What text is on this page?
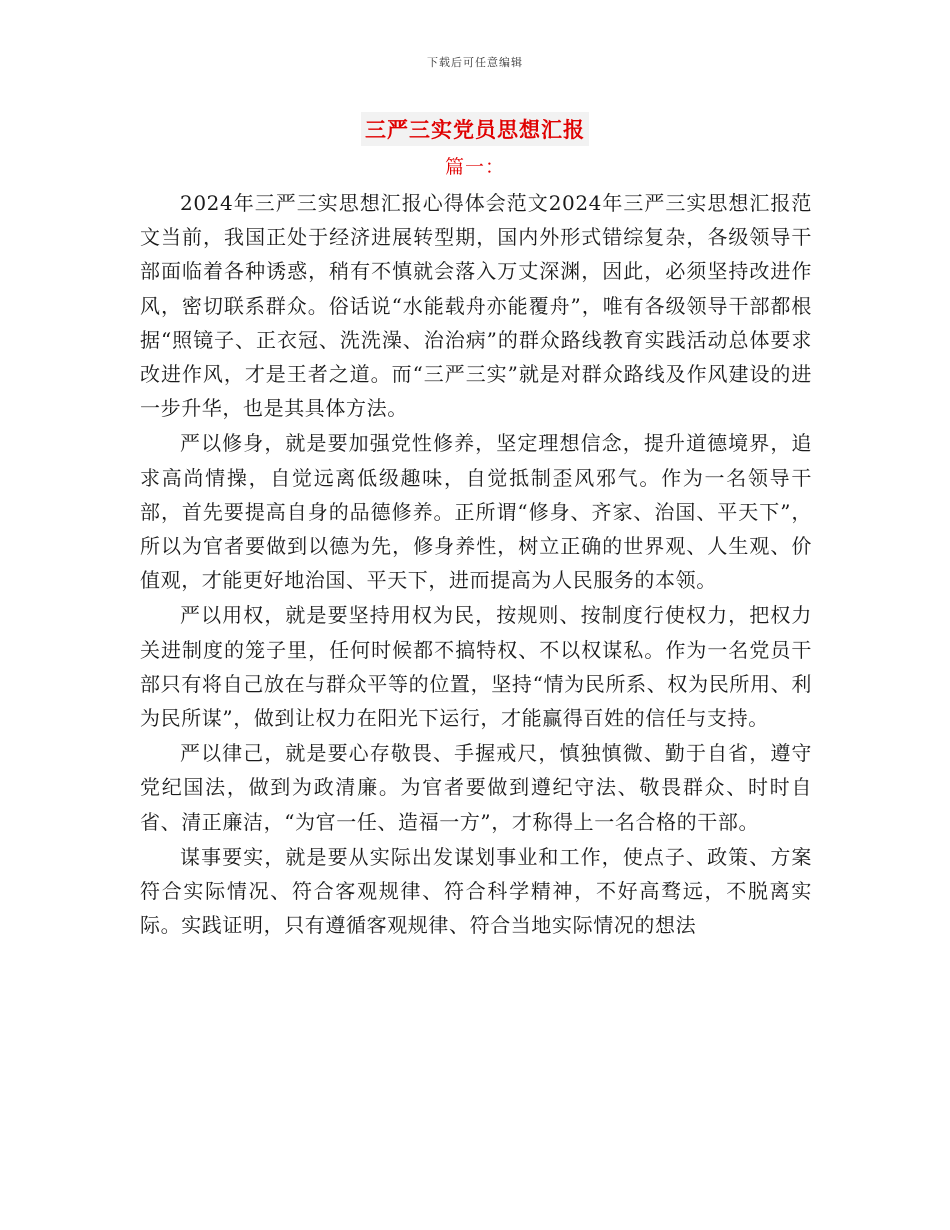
下载后可任意编辑
三严三实党员思想汇报
篇一：

2024年三严三实思想汇报心得体会范文2024年三严三实思想汇报范文当前，我国正处于经济进展转型期，国内外形式错综复杂，各级领导干部面临着各种诱惑，稍有不慎就会落入万丈深渊，因此，必须坚持改进作风，密切联系群众。俗话说“水能载舟亦能覆舟”，唯有各级领导干部都根据“照镜子、正衣冠、洗洗澡、治治病”的群众路线教育实践活动总体要求改进作风，才是王者之道。而“三严三实”就是对群众路线及作风建设的进一步升华，也是其具体方法。

严以修身，就是要加强党性修养，坚定理想信念，提升道德境界，追求高尚情操，自觉远离低级趣味，自觉抵制歪风邪气。作为一名领导干部，首先要提高自身的品德修养。正所谓“修身、齐家、治国、平天下”，所以为官者要做到以德为先，修身养性，树立正确的世界观、人生观、价值观，才能更好地治国、平天下，进而提高为人民服务的本领。

严以用权，就是要坚持用权为民，按规则、按制度行使权力，把权力关进制度的笼子里，任何时候都不搞特权、不以权谋私。作为一名党员干部只有将自己放在与群众平等的位置，坚持“情为民所系、权为民所用、利为民所谋”，做到让权力在阳光下运行，才能赢得百姓的信任与支持。

严以律己，就是要心存敬畏、手握戒尺，慎独慎微、勤于自省，遵守党纪国法，做到为政清廉。为官者要做到遵纪守法、敬畏群众、时时自省、清正廉洁，“为官一任、造福一方”，才称得上一名合格的干部。

谋事要实，就是要从实际出发谋划事业和工作，使点子、政策、方案符合实际情况、符合客观规律、符合科学精神，不好高骛远，不脱离实际。实践证明，只有遵循客观规律、符合当地实际情况的想法
